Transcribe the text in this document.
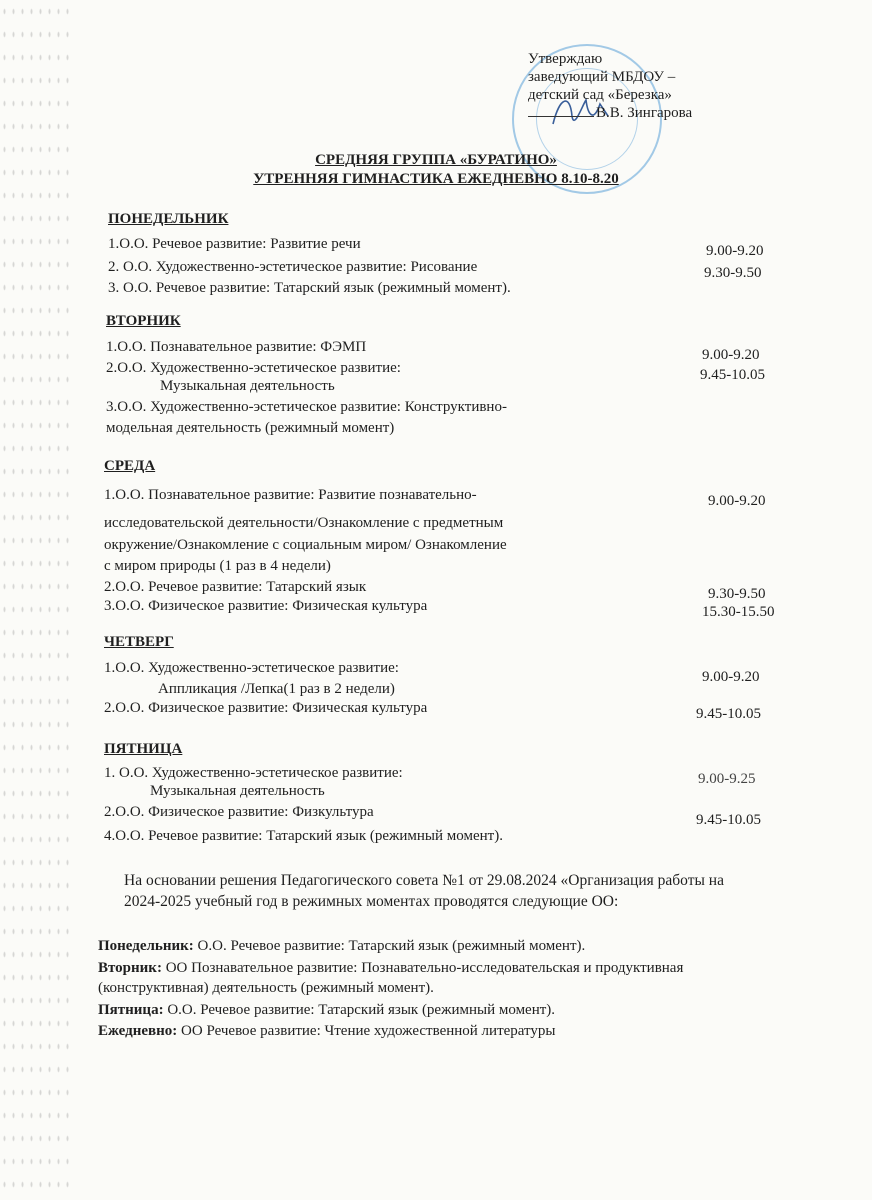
Утверждаю
заведующий МБДОУ –
детский сад «Березка»
В.В. Зингарова
СРЕДНЯЯ ГРУППА «БУРАТИНО»
УТРЕННЯЯ ГИМНАСТИКА ЕЖЕДНЕВНО 8.10-8.20
ПОНЕДЕЛЬНИК
1.О.О. Речевое развитие: Развитие речи
2. О.О. Художественно-эстетическое развитие: Рисование
3. О.О. Речевое развитие: Татарский язык (режимный момент).
9.00-9.20
9.30-9.50
ВТОРНИК
1.О.О. Познавательное развитие: ФЭМП
2.О.О. Художественно-эстетическое развитие:
Музыкальная деятельность
3.О.О. Художественно-эстетическое развитие: Конструктивно-
модельная деятельность (режимный момент)
9.00-9.20
9.45-10.05
СРЕДА
1.О.О. Познавательное развитие: Развитие познавательно-
исследовательской деятельности/Ознакомление с предметным
окружение/Ознакомление с социальным миром/ Ознакомление
с миром природы (1 раз в 4 недели)
2.О.О. Речевое развитие: Татарский язык
3.О.О. Физическое развитие: Физическая культура
9.00-9.20
9.30-9.50
15.30-15.50
ЧЕТВЕРГ
1.О.О. Художественно-эстетическое развитие:
Аппликация /Лепка(1 раз в 2 недели)
2.О.О. Физическое развитие: Физическая культура
9.00-9.20
9.45-10.05
ПЯТНИЦА
1. О.О. Художественно-эстетическое развитие:
Музыкальная деятельность
2.О.О. Физическое развитие: Физкультура
4.О.О. Речевое развитие: Татарский язык (режимный момент).
9.00-9.25
9.45-10.05
На основании решения Педагогического совета №1 от 29.08.2024 «Организация работы на
2024-2025 учебный год в режимных моментах проводятся следующие ОО:
Понедельник: О.О. Речевое развитие: Татарский язык (режимный момент).
Вторник: ОО Познавательное развитие: Познавательно-исследовательская и продуктивная
(конструктивная) деятельность (режимный момент).
Пятница: О.О. Речевое развитие: Татарский язык (режимный момент).
Ежедневно: ОО Речевое развитие: Чтение художественной литературы
